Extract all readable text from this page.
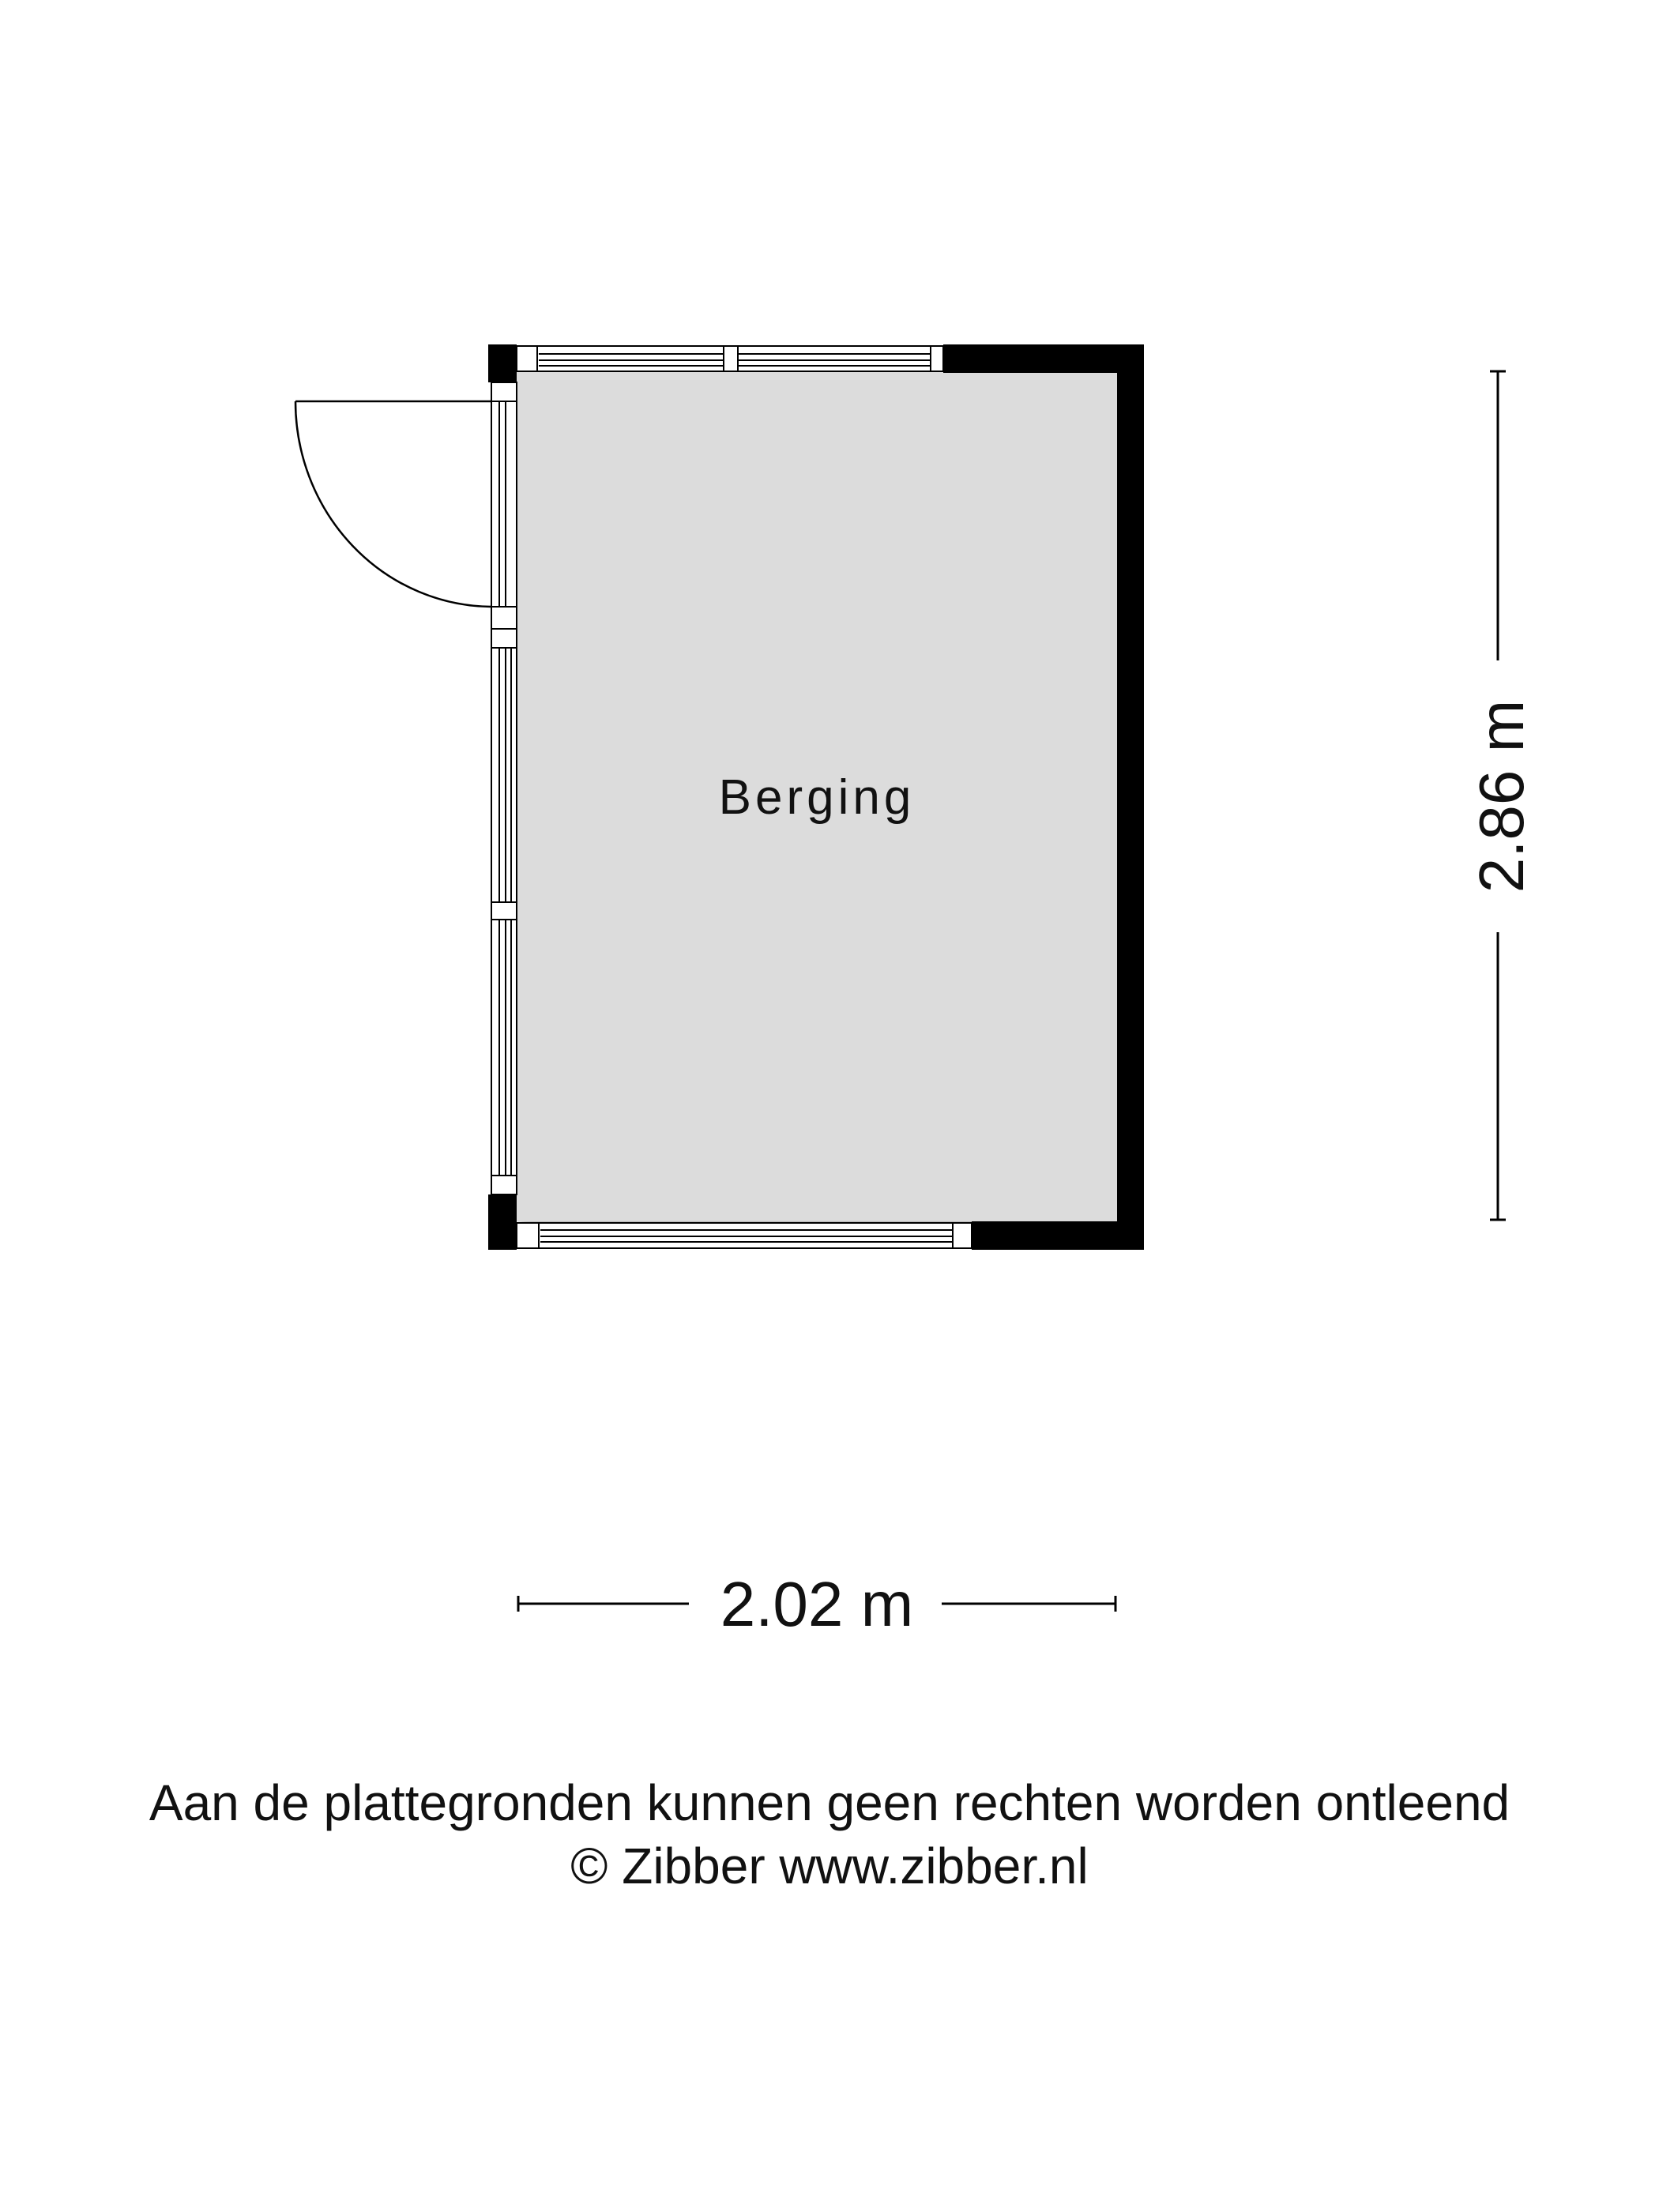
Berging	2.86 m
2.02 m
Aan de plattegronden kunnen geen rechten worden ontleend
© Zibber www.zibber.nl
